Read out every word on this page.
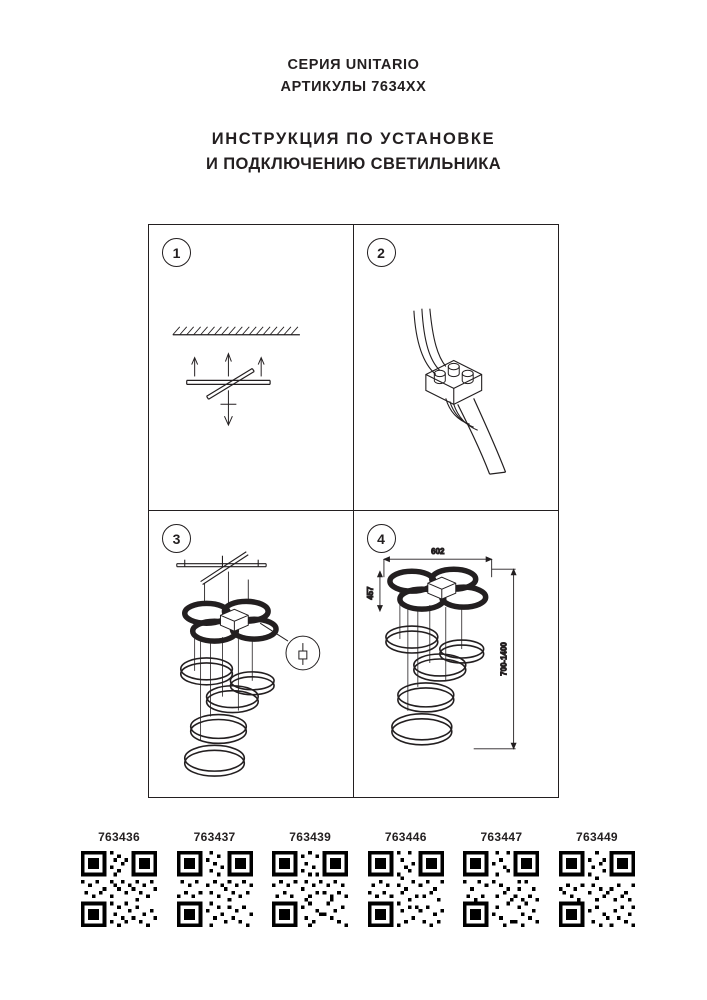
СЕРИЯ UNITARIO
АРТИКУЛЫ 7634XX
ИНСТРУКЦИЯ ПО УСТАНОВКЕ
И ПОДКЛЮЧЕНИЮ СВЕТИЛЬНИКА
1	2
3	4
602
457
700-1400
763436	763437	763439	763446	763447	763449
